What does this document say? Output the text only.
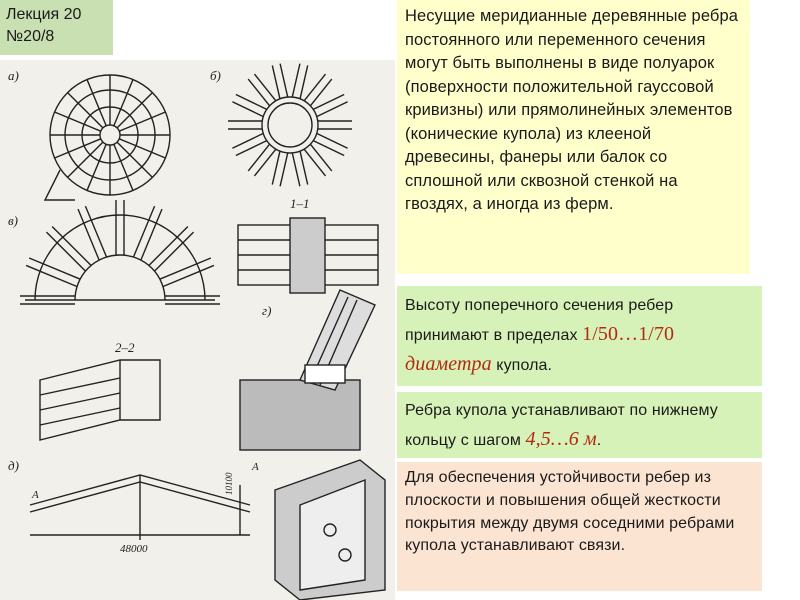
Лекция 20
№20/8
а)	б)
в)
г)
д)
1–1
2–2
48000
10100
А
А
Несущие меридианные деревянные ребра постоянного или переменного сечения могут быть выполнены в виде полуарок (поверхности положительной гауссовой кривизны) или прямолинейных элементов (конические купола) из клееной древесины, фанеры или балок со сплошной или сквозной стенкой на гвоздях, а иногда из ферм.
Высоту поперечного сечения ребер принимают в пределах 1/50…1/70 диаметра купола.
Ребра купола устанавливают по нижнему кольцу с шагом 4,5…6 м.
Для обеспечения устойчивости ребер из плоскости и повышения общей жесткости покрытия между двумя соседними ребрами купола устанавливают связи.
